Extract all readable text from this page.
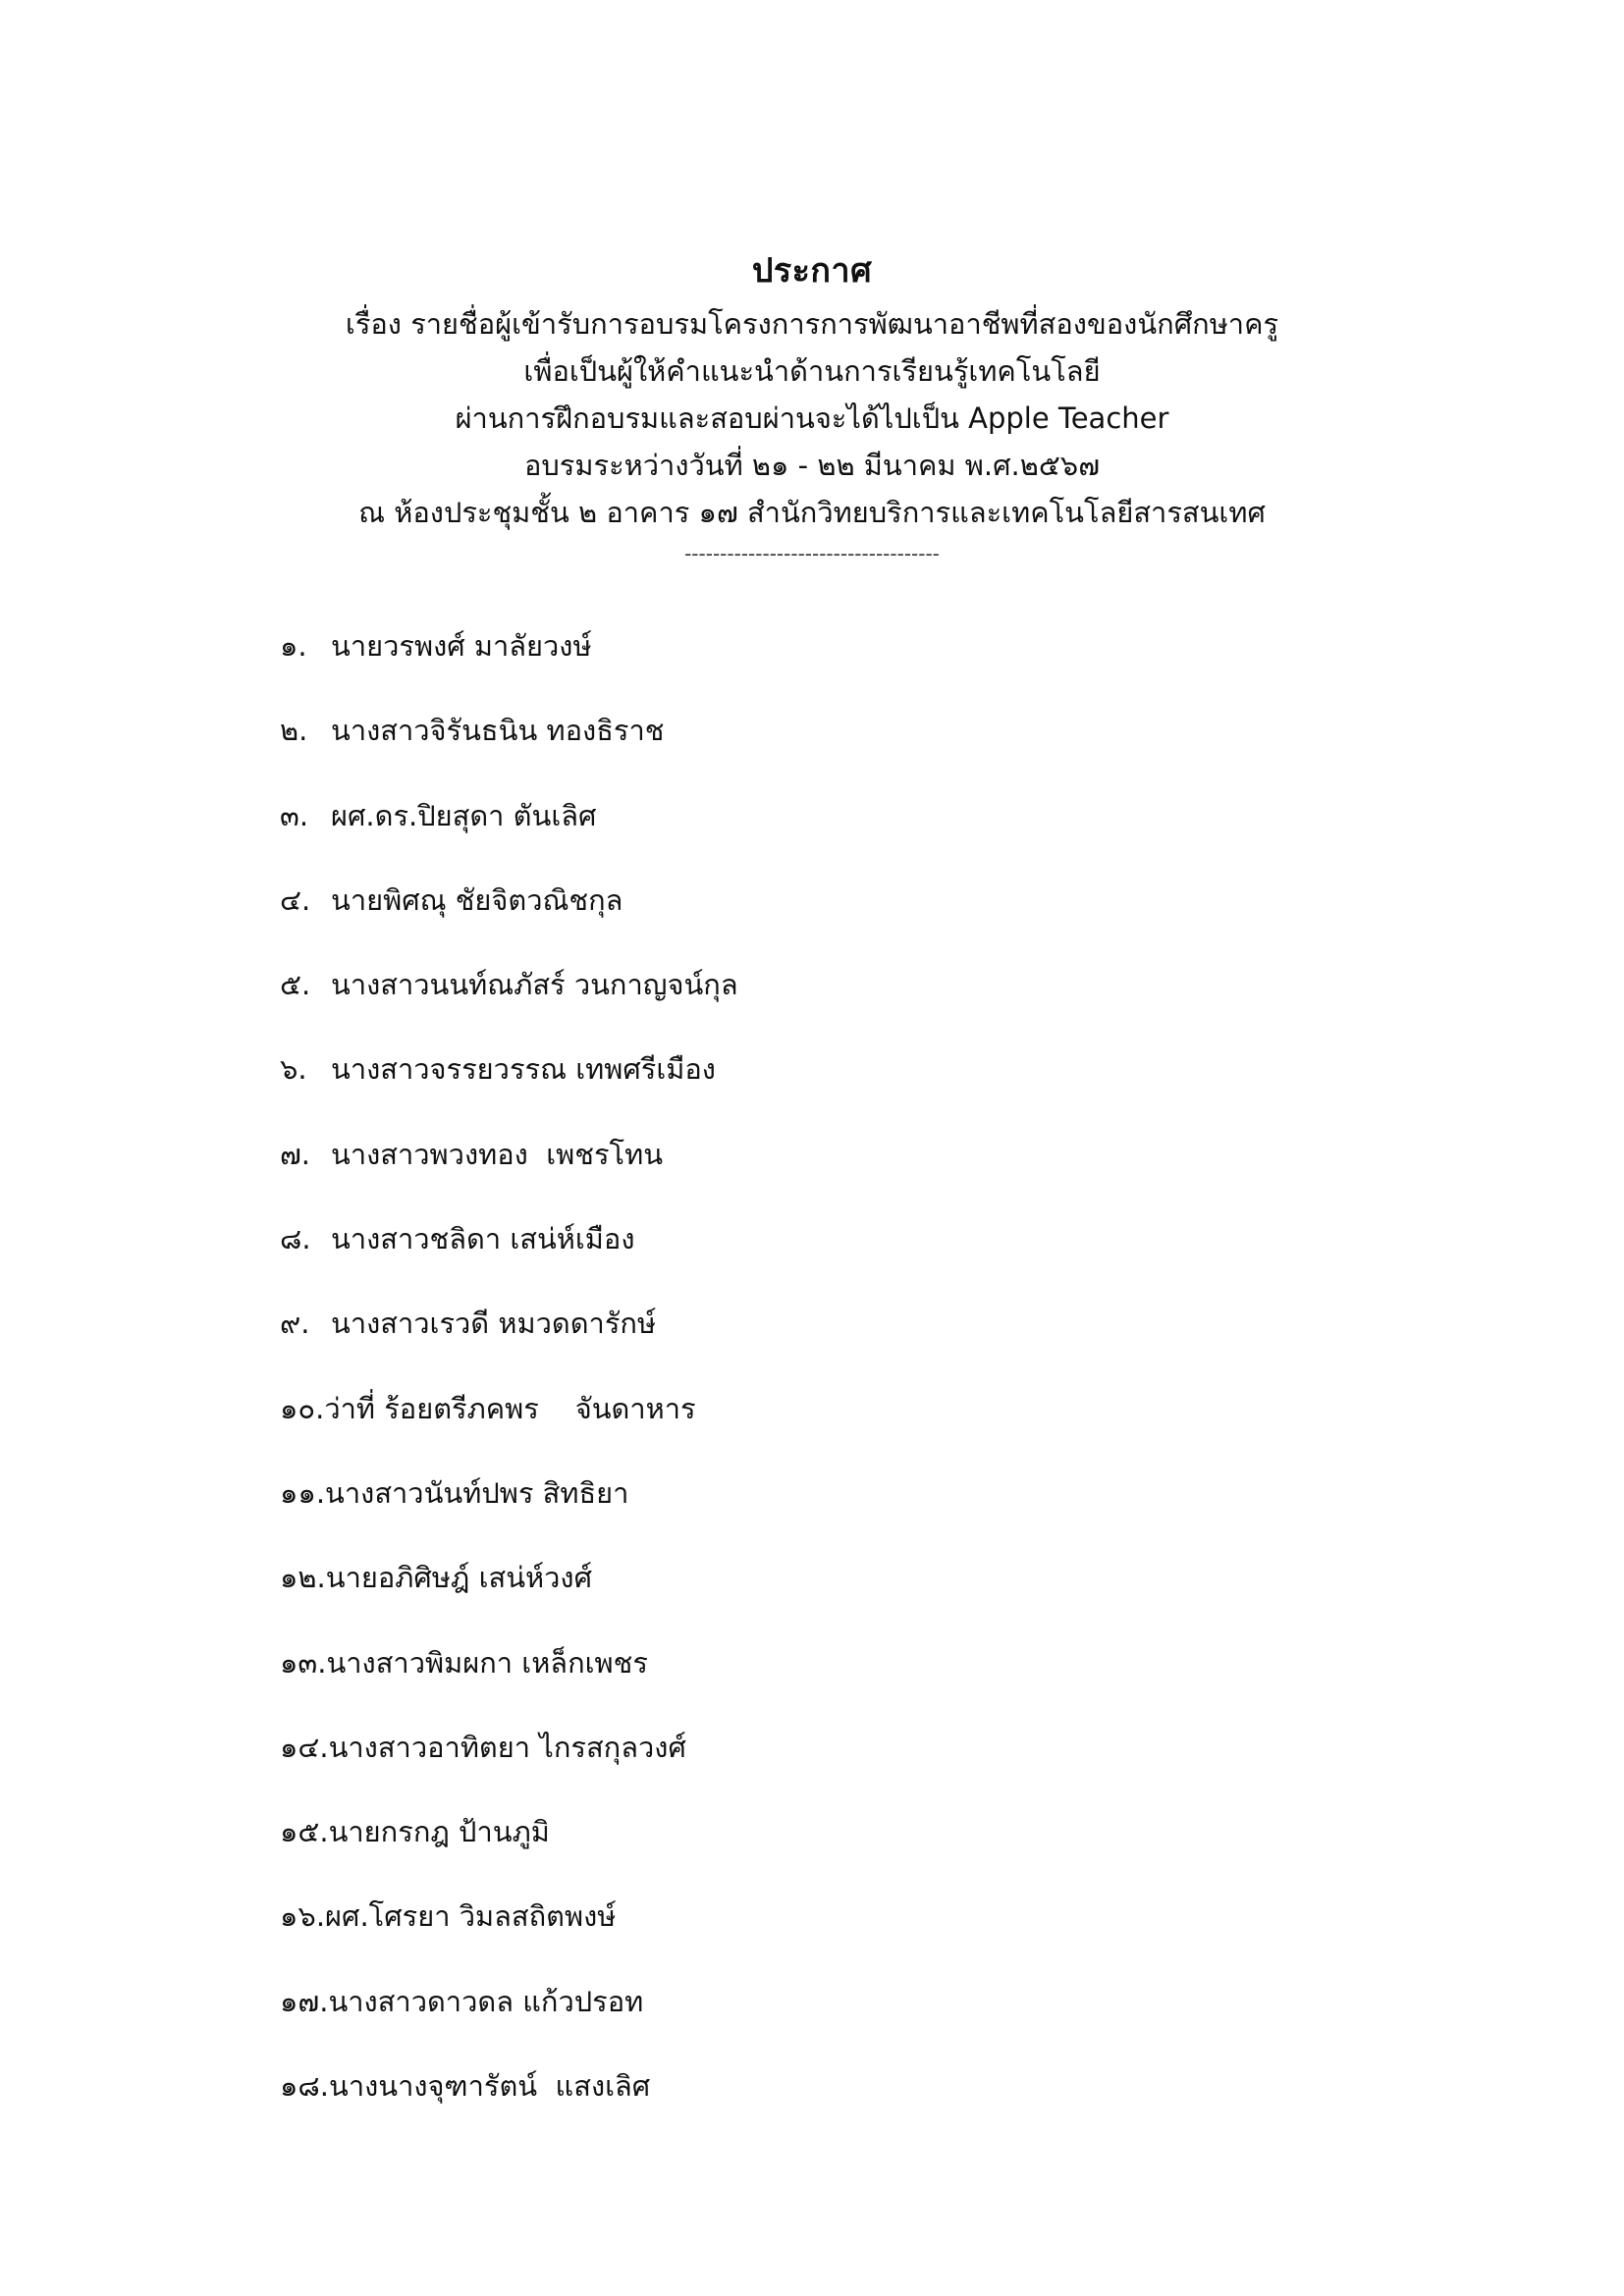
ประกาศ
เรื่อง รายชื่อผู้เข้ารับการอบรมโครงการการพัฒนาอาชีพที่สองของนักศึกษาครู
เพื่อเป็นผู้ให้คำแนะนำด้านการเรียนรู้เทคโนโลยี
ผ่านการฝึกอบรมและสอบผ่านจะได้ไปเป็น Apple Teacher
อบรมระหว่างวันที่ ๒๑ - ๒๒ มีนาคม พ.ศ.๒๕๖๗
ณ ห้องประชุมชั้น ๒ อาคาร ๑๗ สำนักวิทยบริการและเทคโนโลยีสารสนเทศ
------------------------------------
๑. นายวรพงศ์ มาลัยวงษ์
๒. นางสาวจิรันธนิน ทองธิราช
๓. ผศ.ดร.ปิยสุดา ตันเลิศ
๔. นายพิศณุ ชัยจิตวณิชกุล
๕. นางสาวนนท์ณภัสร์ วนกาญจน์กุล
๖. นางสาวจรรยวรรณ เทพศรีเมือง
๗. นางสาวพวงทอง  เพชรโทน
๘. นางสาวชลิดา เสน่ห์เมือง
๙. นางสาวเรวดี หมวดดารักษ์
๑๐. ว่าที่ ร้อยตรีภคพร    จันดาหาร
๑๑. นางสาวนันท์ปพร สิทธิยา
๑๒. นายอภิศิษฎ์ เสน่ห์วงศ์
๑๓. นางสาวพิมผกา เหล็กเพชร
๑๔. นางสาวอาทิตยา ไกรสกุลวงศ์
๑๕. นายกรกฎ ป้านภูมิ
๑๖. ผศ.โศรยา วิมลสถิตพงษ์
๑๗. นางสาวดาวดล แก้วปรอท
๑๘. นางนางจุฑารัตน์  แสงเลิศ
